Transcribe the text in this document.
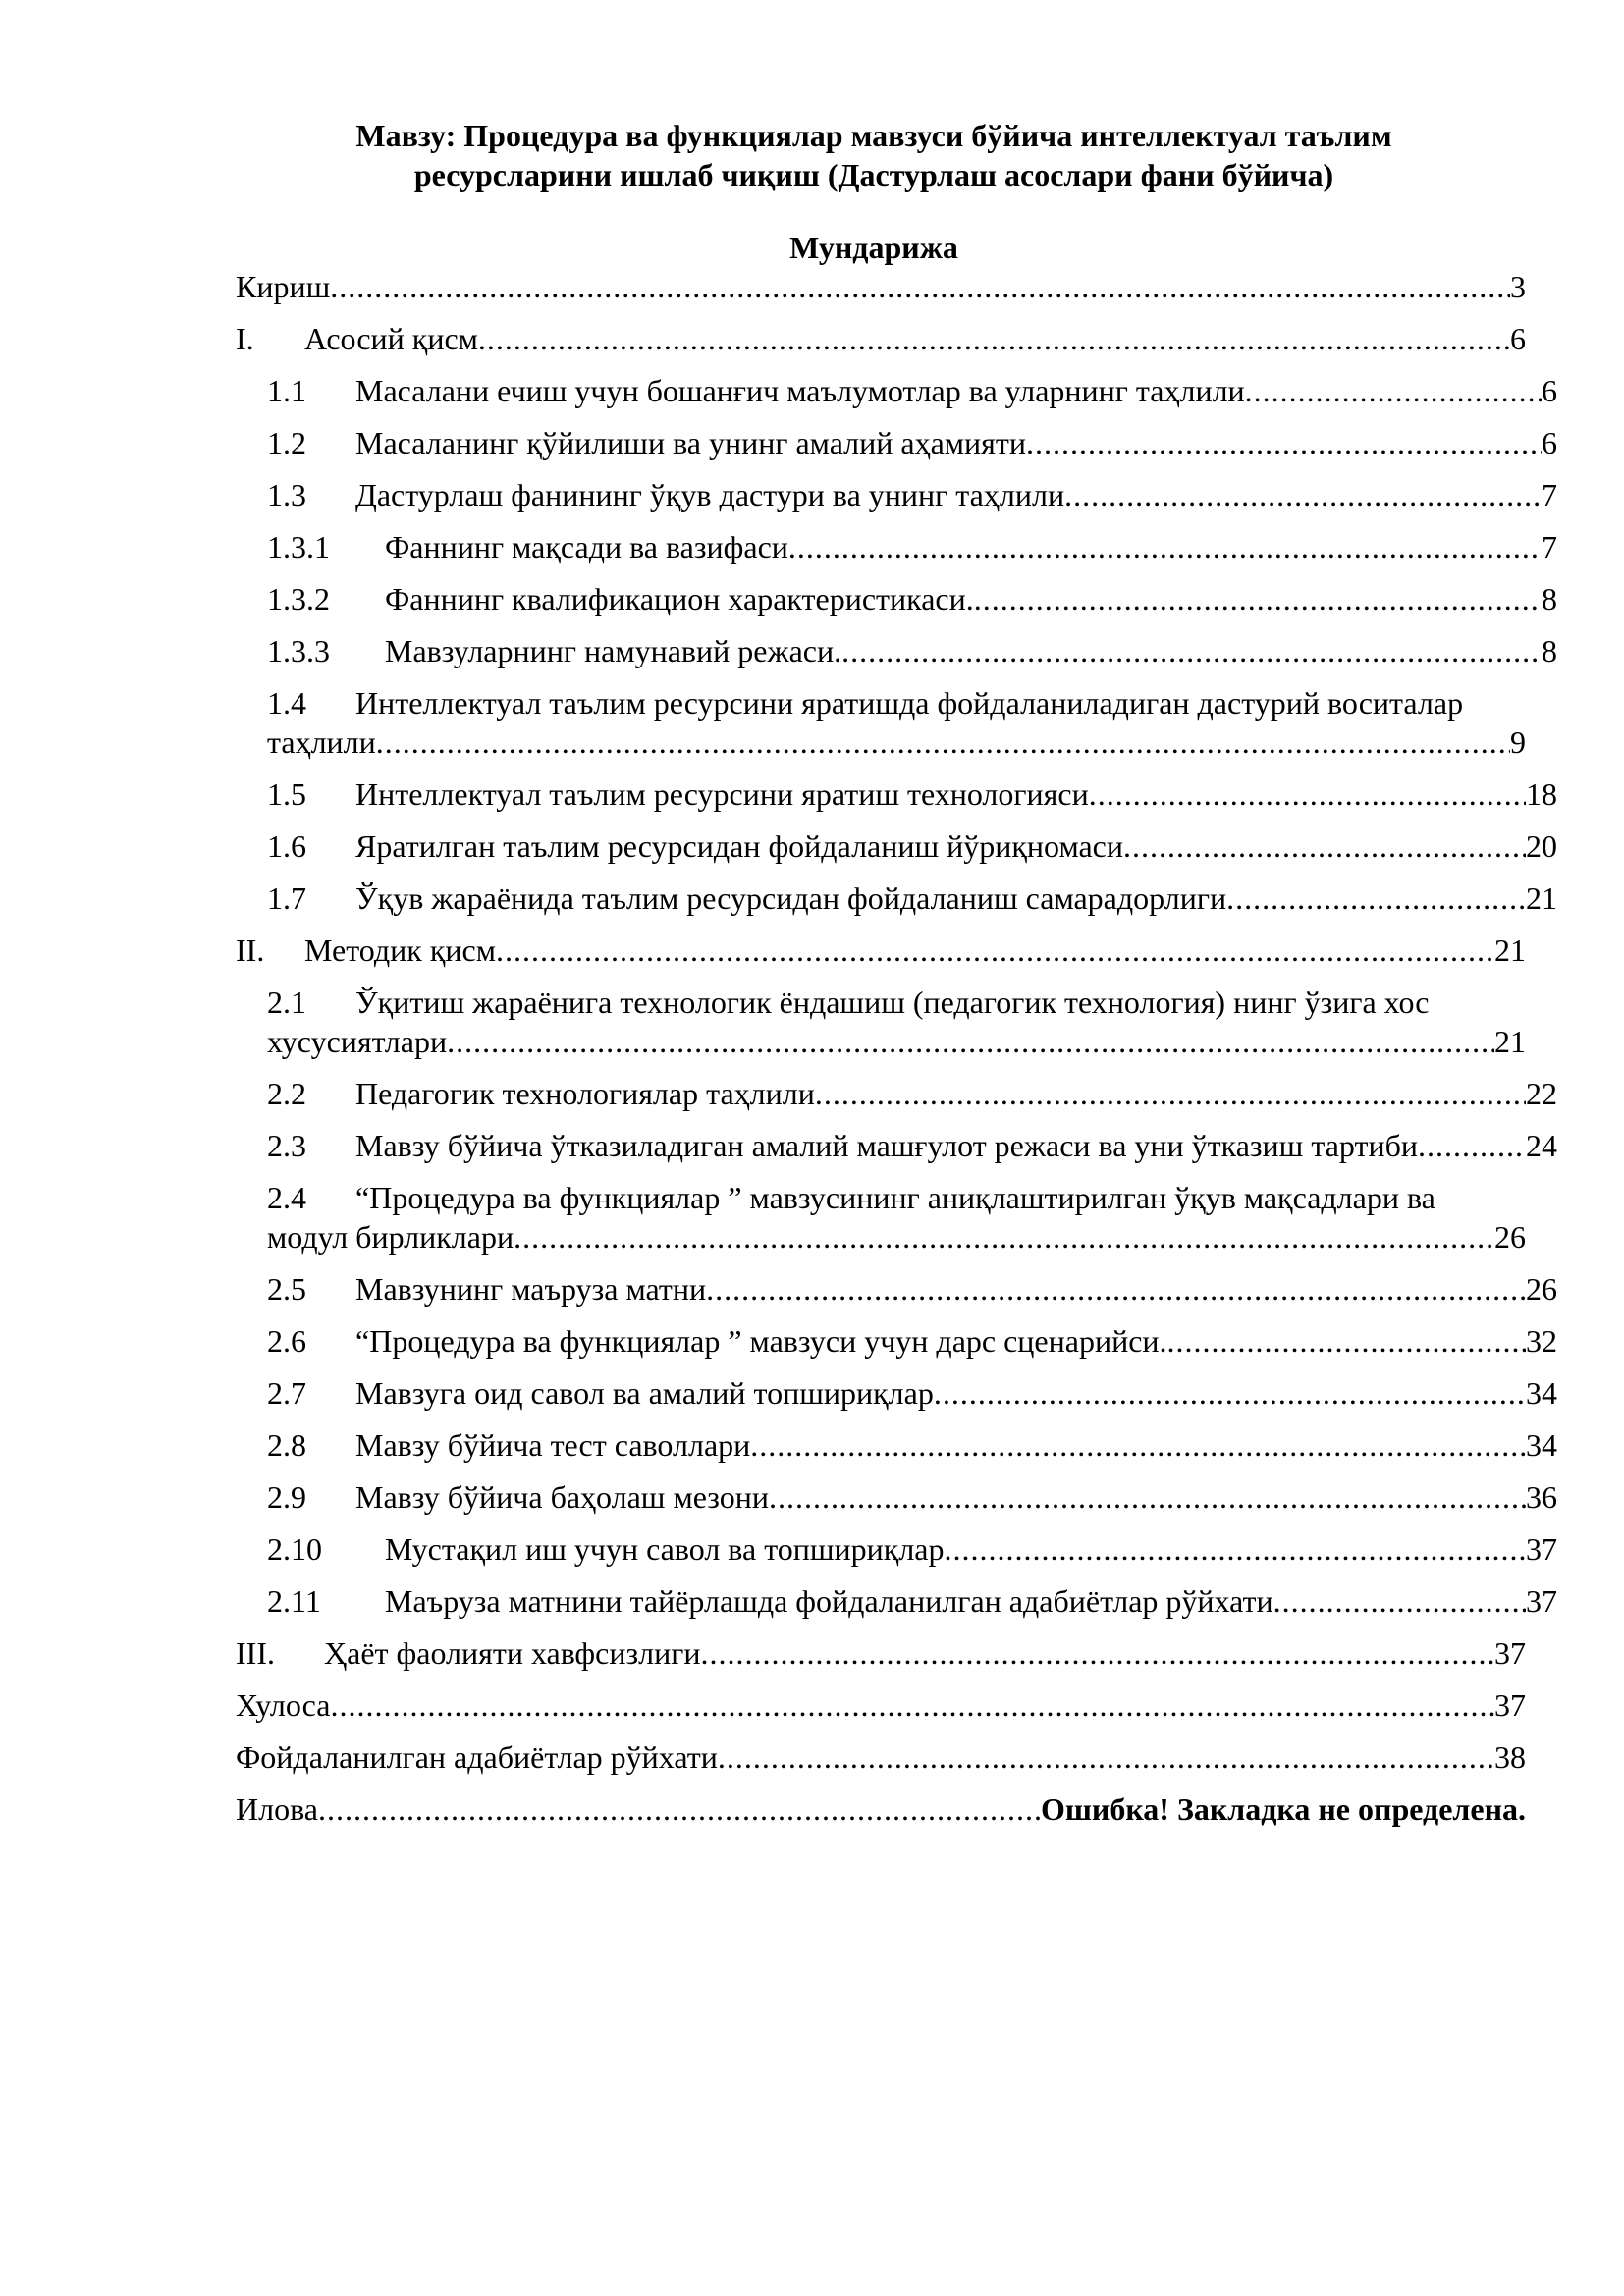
Мавзу: Процедура ва функциялар мавзуси бўйича интеллектуал таълим
ресурсларини ишлаб чиқиш (Дастурлаш асослари фани бўйича)
Мундарижа
Кириш .....	3
I.	Асосий қисм .....	6
1.1	Масалани ечиш учун бошанғич маълумотлар ва уларнинг таҳлили .....	6
1.2	Масаланинг қўйилиши ва унинг амалий аҳамияти .....	6
1.3	Дастурлаш фанининг ўқув дастури ва унинг таҳлили .....	7
1.3.1	Фаннинг мақсади ва вазифаси .....	7
1.3.2	Фаннинг квалификацион характеристикаси. .....	8
1.3.3	Мавзуларнинг намунавий режаси. .....	8
1.4	Интеллектуал таълим ресурсини яратишда фойдаланиладиган дастурий воситалар
таҳлили .....	9
1.5	Интеллектуал таълим ресурсини яратиш технологияси .....	18
1.6	Яратилган таълим ресурсидан фойдаланиш йўриқномаси .....	20
1.7	Ўқув жараёнида таълим ресурсидан фойдаланиш самарадорлиги .....	21
II.	Методик қисм .....	21
2.1	Ўқитиш жараёнига технологик ёндашиш (педагогик технология) нинг ўзига хос
хусусиятлари .....	21
2.2	Педагогик технологиялар таҳлили .....	22
2.3	Мавзу бўйича ўтказиладиган амалий машғулот режаси ва уни ўтказиш тартиби .....	24
2.4	“Процедура ва функциялар ” мавзусининг аниқлаштирилган ўқув мақсадлари ва
модул бирликлари .....	26
2.5	Мавзунинг маъруза матни .....	26
2.6	“Процедура ва функциялар ” мавзуси учун дарс сценарийси. .....	32
2.7	Мавзуга оид савол ва амалий топшириқлар .....	34
2.8	Мавзу бўйича тест саволлари .....	34
2.9	Мавзу бўйича баҳолаш мезони .....	36
2.10	Мустақил иш учун савол ва топшириқлар .....	37
2.11	Маъруза матнини тайёрлашда фойдаланилган адабиётлар рўйхати .....	37
III.	Ҳаёт фаолияти хавфсизлиги .....	37
Хулоса .....	37
Фойдаланилган адабиётлар рўйхати .....	38
Илова .....	Ошибка! Закладка не определена.
